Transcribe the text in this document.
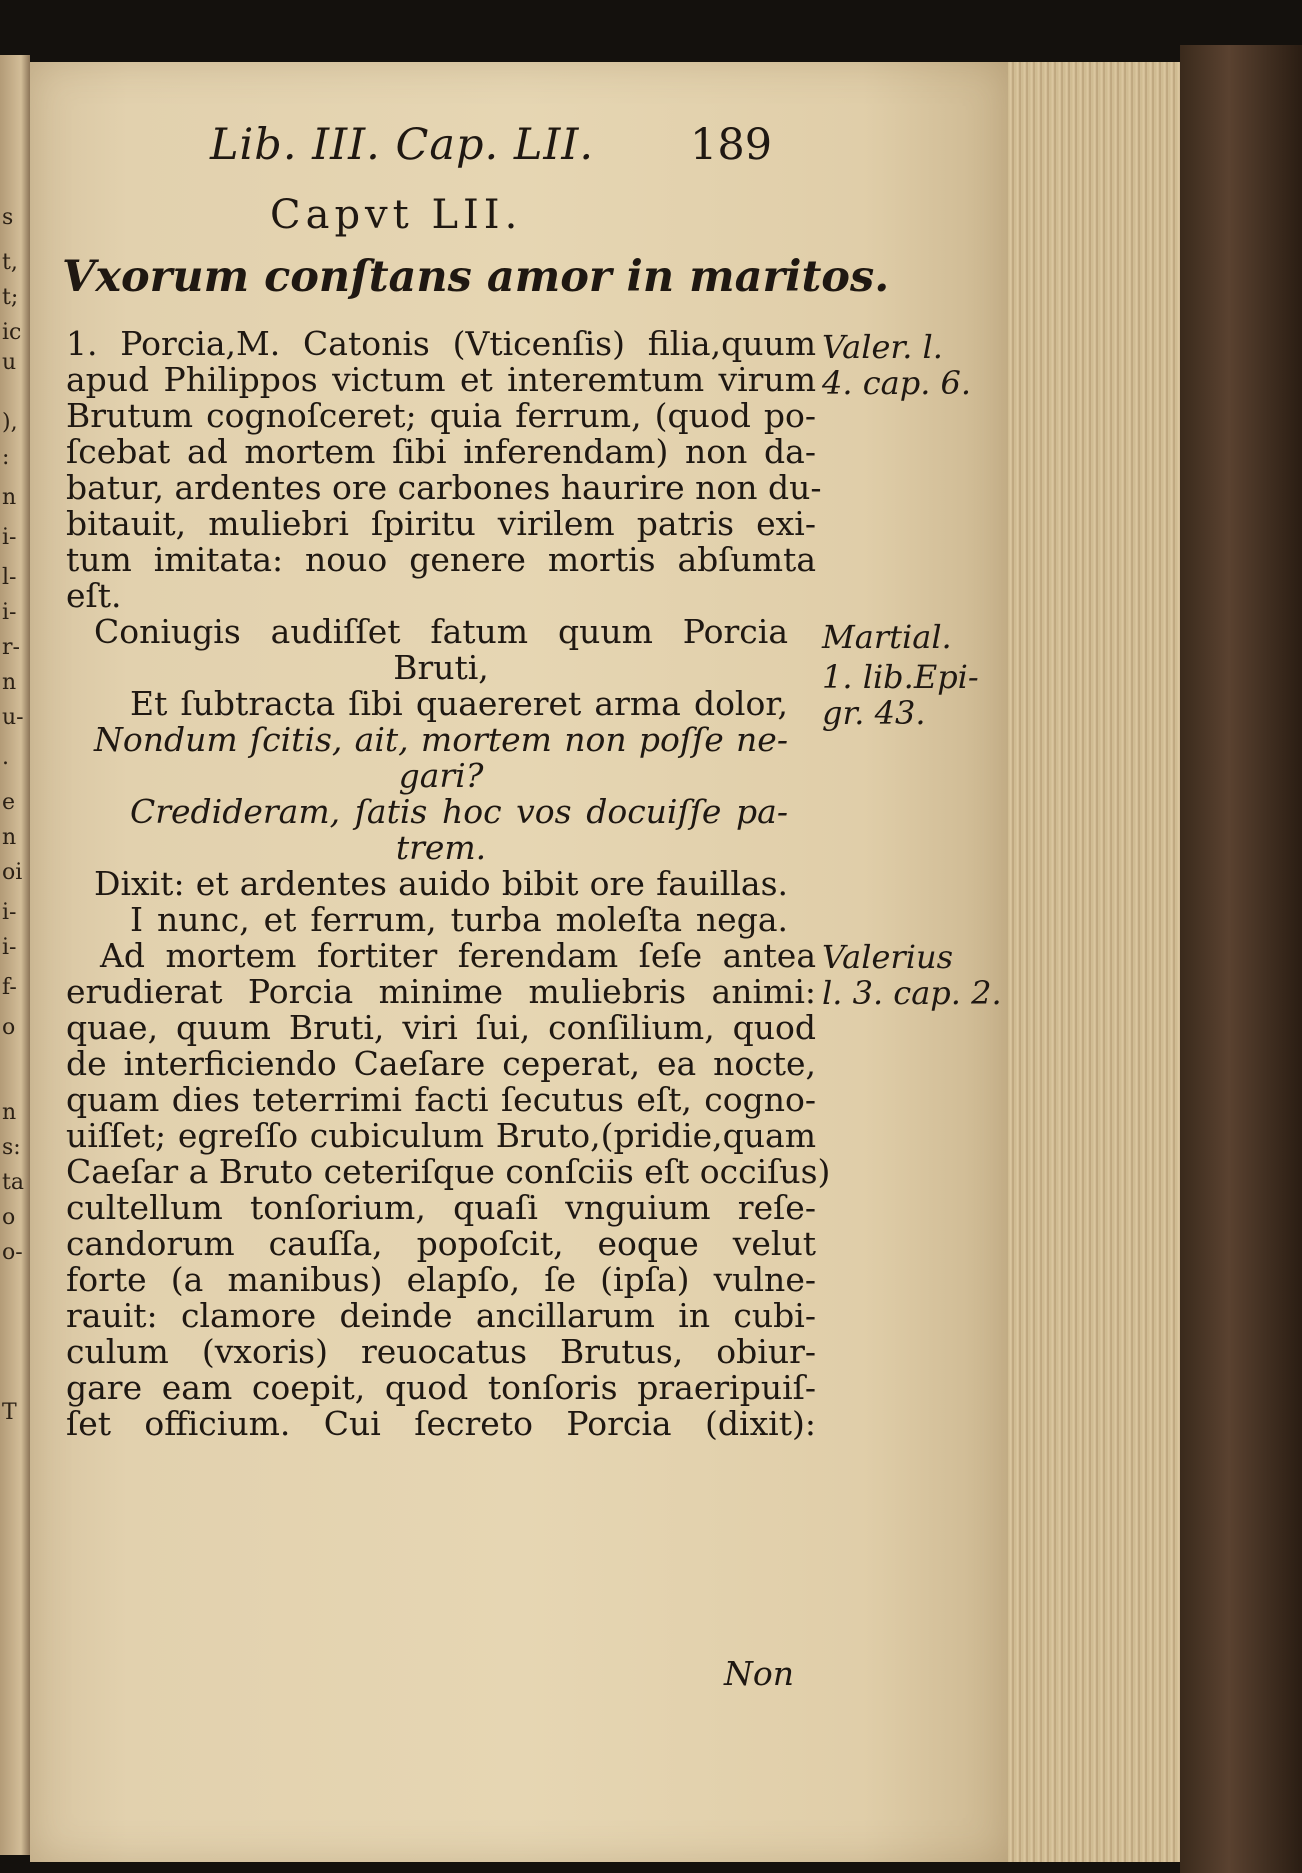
s
t,
t;
ic
u
),
:
n
i-
l-
i-
r-
n
u-
.
e
n
oi
i-
i-
f-
o
n
s:
ta
o
o-
T
Lib. III. Cap. LII. 189
Capvt LII.
Vxorum conſtans amor in maritos.
1. Porcia,M. Catonis (Vticenſis) filia,quum
apud Philippos victum et interemtum virum
Brutum cognoſceret; quia ferrum, (quod po-
ſcebat ad mortem ſibi inferendam) non da-
batur, ardentes ore carbones haurire non du-
bitauit, muliebri ſpiritu virilem patris exi-
tum imitata: nouo genere mortis abſumta
eſt.
Coniugis audiſſet fatum quum Porcia
Bruti,
Et ſubtracta ſibi quaereret arma dolor,
Nondum ſcitis, ait, mortem non poſſe ne-
gari?
Credideram, ſatis hoc vos docuiſſe pa-
trem.
Dixit: et ardentes auido bibit ore fauillas.
I nunc, et ferrum, turba moleſta nega.
Ad mortem fortiter ferendam ſeſe antea
erudierat Porcia minime muliebris animi:
quae, quum Bruti, viri ſui, conſilium, quod
de interficiendo Caeſare ceperat, ea nocte,
quam dies teterrimi facti ſecutus eſt, cogno-
uiſſet; egreſſo cubiculum Bruto,(pridie,quam
Caeſar a Bruto ceteriſque conſciis eſt occiſus)
cultellum tonſorium, quaſi vnguium reſe-
candorum cauſſa, popoſcit, eoque velut
forte (a manibus) elapſo, ſe (ipſa) vulne-
rauit: clamore deinde ancillarum in cubi-
culum (vxoris) reuocatus Brutus, obiur-
gare eam coepit, quod tonſoris praeripuiſ-
ſet officium. Cui ſecreto Porcia (dixit):
Valer. l.
4. cap. 6.
Martial.
1. lib.Epi-
gr. 43.
Valerius
l. 3. cap. 2.
Non
